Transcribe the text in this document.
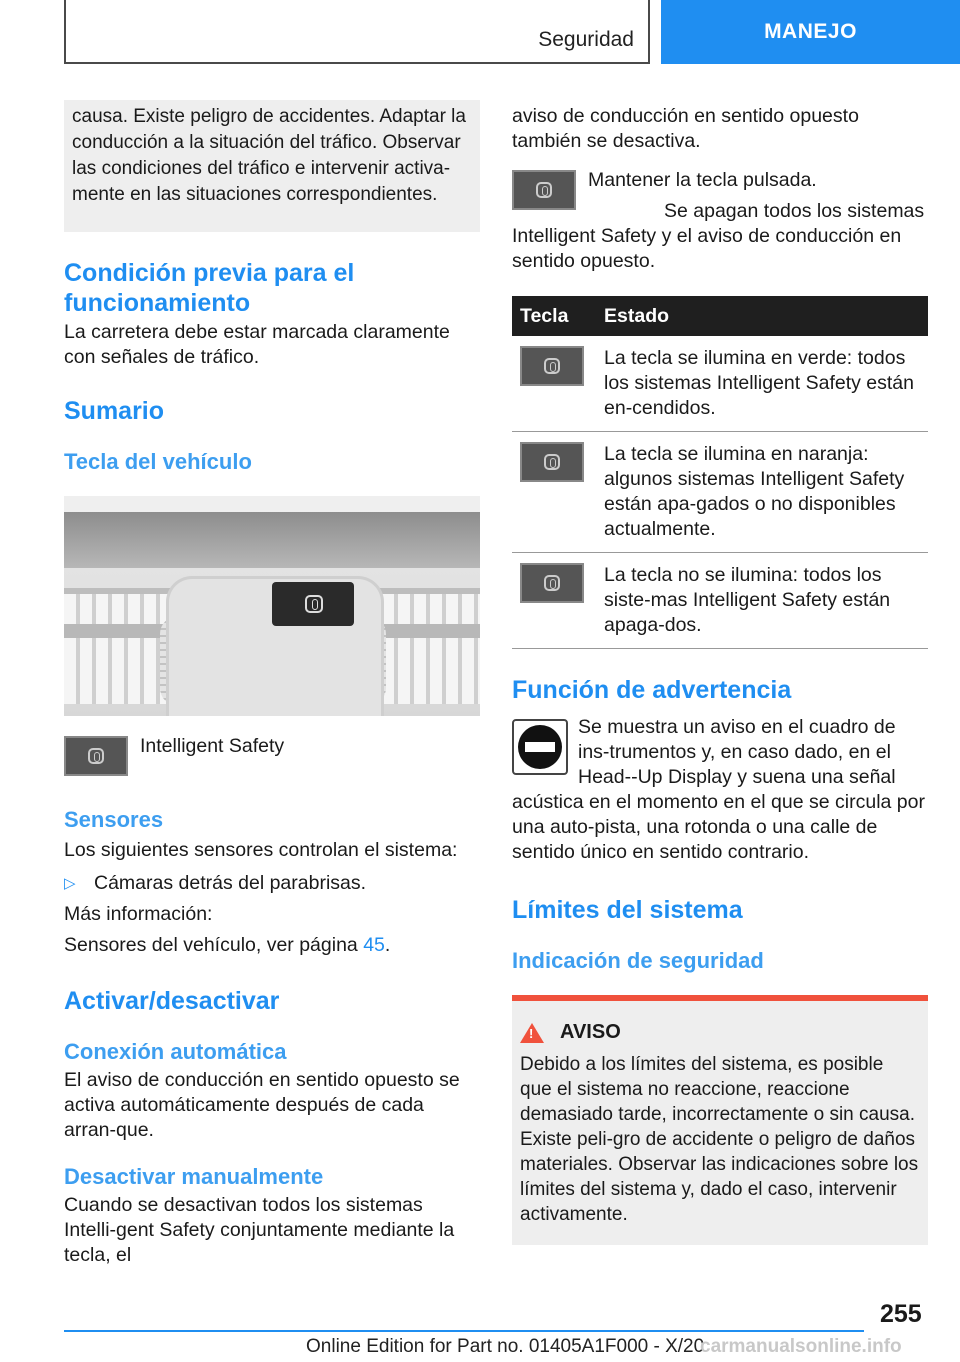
Seguridad	MANEJO

causa. Existe peligro de accidentes. Adaptar la conducción a la situación del tráfico. Observar las condiciones del tráfico e intervenir activa‐mente en las situaciones correspondientes.

Condición previa para el funcionamiento

La carretera debe estar marcada claramente con señales de tráfico.

Sumario
Tecla del vehículo

Intelligent Safety

Sensores

Los siguientes sensores controlan el sistema:

▷ Cámaras detrás del parabrisas.

Más información:

Sensores del vehículo, ver página 45.

Activar/desactivar
Conexión automática

El aviso de conducción en sentido opuesto se activa automáticamente después de cada arran‐que.

Desactivar manualmente

Cuando se desactivan todos los sistemas Intelli‐gent Safety conjuntamente mediante la tecla, el

aviso de conducción en sentido opuesto también se desactiva.

Mantener la tecla pulsada.

Se apagan todos los sistemas Intelligent Safety y el aviso de conducción en sentido opuesto.

Tecla	Estado

	La tecla se ilumina en verde: todos los sistemas Intelligent Safety están en‐cendidos.

	La tecla se ilumina en naranja: algunos sistemas Intelligent Safety están apa‐gados o no disponibles actualmente.

	La tecla no se ilumina: todos los siste‐mas Intelligent Safety están apaga‐dos.
Función de advertencia

Se muestra un aviso en el cuadro de ins‐trumentos y, en caso dado, en el Head‐-Up Display y suena una señal acústica en el momento en el que se circula por una auto‐pista, una rotonda o una calle de sentido único en sentido contrario.

Límites del sistema
Indicación de seguridad
!
AVISO

Debido a los límites del sistema, es posible que el sistema no reaccione, reaccione demasiado tarde, incorrectamente o sin causa. Existe peli‐gro de accidente o peligro de daños materiales. Observar las indicaciones sobre los límites del sistema y, dado el caso, intervenir activamente.

255
Online Edition for Part no. 01405A1F000 - X/20
carmanualsonline.info
